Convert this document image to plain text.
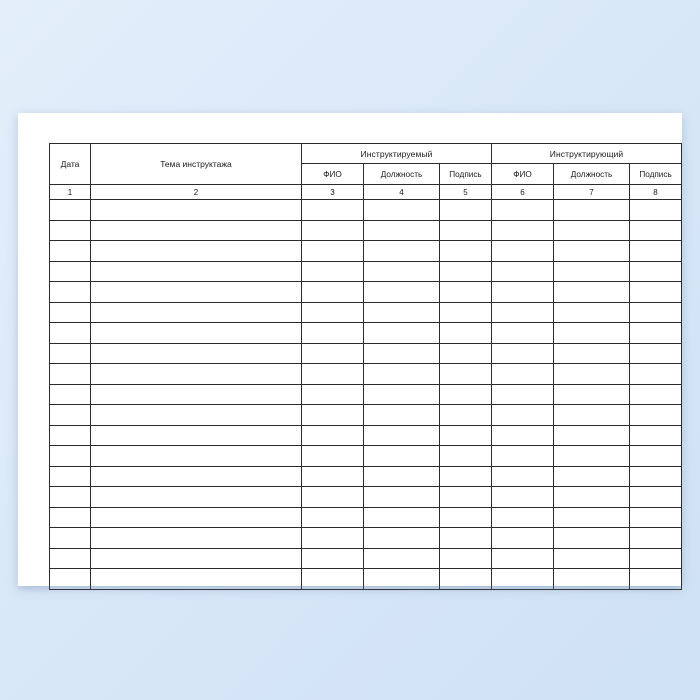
Дата	Тема инструктажа	Инструктируемый			Инструктирующий		
		ФИО	Должность	Подпись	ФИО	Должность	Подпись
1	2	3	4	5	6	7	8
